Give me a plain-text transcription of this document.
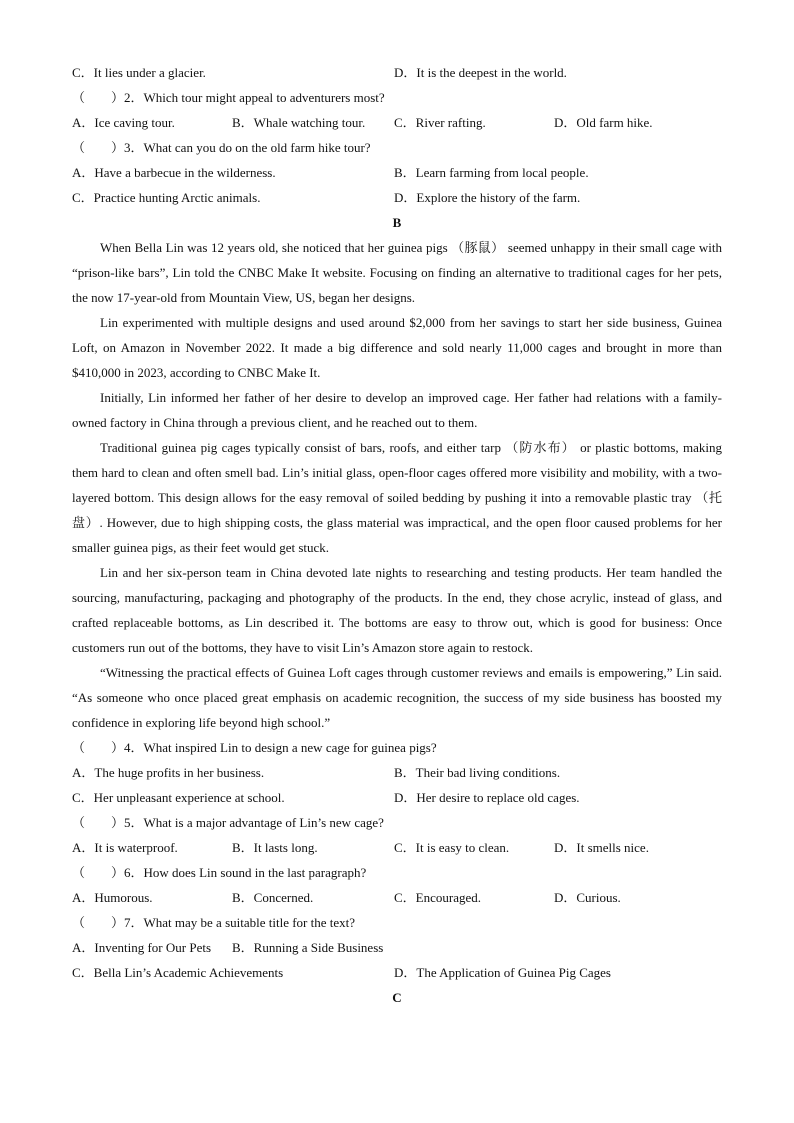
C．It lies under a glacier.	D．It is the deepest in the world.
（　　）2．Which tour might appeal to adventurers most?
A．Ice caving tour.	B．Whale watching tour. C．River rafting.	D．Old farm hike.
（　　）3．What can you do on the old farm hike tour?
A．Have a barbecue in the wilderness.	B．Learn farming from local people.
C．Practice hunting Arctic animals.	D．Explore the history of the farm.
B
When Bella Lin was 12 years old, she noticed that her guinea pigs （豚鼠） seemed unhappy in their small cage with “prison-like bars”, Lin told the CNBC Make It website. Focusing on finding an alternative to traditional cages for her pets, the now 17-year-old from Mountain View, US, began her designs.
Lin experimented with multiple designs and used around $2,000 from her savings to start her side business, Guinea Loft, on Amazon in November 2022. It made a big difference and sold nearly 11,000 cages and brought in more than $410,000 in 2023, according to CNBC Make It.
Initially, Lin informed her father of her desire to develop an improved cage. Her father had relations with a family-owned factory in China through a previous client, and he reached out to them.
Traditional guinea pig cages typically consist of bars, roofs, and either tarp （防水布） or plastic bottoms, making them hard to clean and often smell bad. Lin’s initial glass, open-floor cages offered more visibility and mobility, with a two-layered bottom. This design allows for the easy removal of soiled bedding by pushing it into a removable plastic tray （托盘）. However, due to high shipping costs, the glass material was impractical, and the open floor caused problems for her smaller guinea pigs, as their feet would get stuck.
Lin and her six-person team in China devoted late nights to researching and testing products. Her team handled the sourcing, manufacturing, packaging and photography of the products. In the end, they chose acrylic, instead of glass, and crafted replaceable bottoms, as Lin described it. The bottoms are easy to throw out, which is good for business: Once customers run out of the bottoms, they have to visit Lin’s Amazon store again to restock.
“Witnessing the practical effects of Guinea Loft cages through customer reviews and emails is empowering,” Lin said. “As someone who once placed great emphasis on academic recognition, the success of my side business has boosted my confidence in exploring life beyond high school.”
（　　）4．What inspired Lin to design a new cage for guinea pigs?
A．The huge profits in her business.	B．Their bad living conditions.
C．Her unpleasant experience at school.	D．Her desire to replace old cages.
（　　）5．What is a major advantage of Lin’s new cage?
A．It is waterproof.	B．It lasts long.	C．It is easy to clean.	D．It smells nice.
（　　）6．How does Lin sound in the last paragraph?
A．Humorous.	B．Concerned.	C．Encouraged.	D．Curious.
（　　）7．What may be a suitable title for the text?
A．Inventing for Our Pets B．Running a Side Business
C．Bella Lin’s Academic Achievements	D．The Application of Guinea Pig Cages
C
